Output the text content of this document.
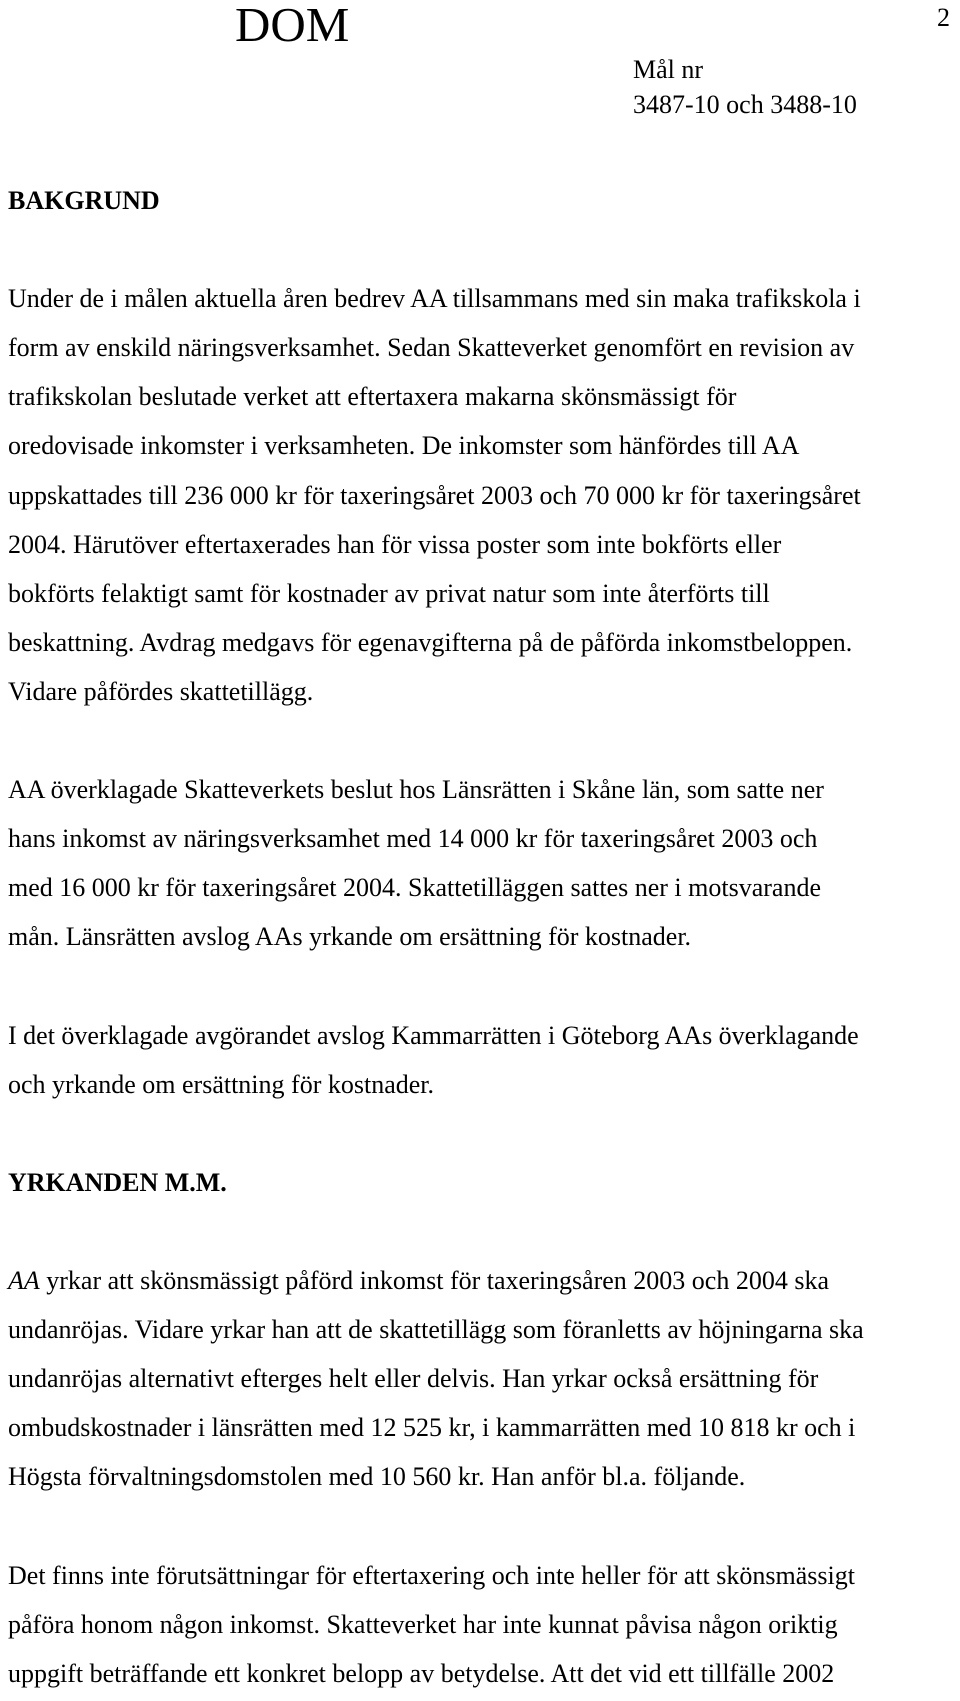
DOM	2
Mål nr
3487-10 och 3488-10
BAKGRUND
Under de i målen aktuella åren bedrev AA tillsammans med sin maka trafikskola i
form av enskild näringsverksamhet. Sedan Skatteverket genomfört en revision av
trafikskolan beslutade verket att eftertaxera makarna skönsmässigt för
oredovisade inkomster i verksamheten. De inkomster som hänfördes till AA
uppskattades till 236 000 kr för taxeringsåret 2003 och 70 000 kr för taxeringsåret
2004. Härutöver eftertaxerades han för vissa poster som inte bokförts eller
bokförts felaktigt samt för kostnader av privat natur som inte återförts till
beskattning. Avdrag medgavs för egenavgifterna på de påförda inkomstbeloppen.
Vidare påfördes skattetillägg.
AA överklagade Skatteverkets beslut hos Länsrätten i Skåne län, som satte ner
hans inkomst av näringsverksamhet med 14 000 kr för taxeringsåret 2003 och
med 16 000 kr för taxeringsåret 2004. Skattetilläggen sattes ner i motsvarande
mån. Länsrätten avslog AAs yrkande om ersättning för kostnader.
I det överklagade avgörandet avslog Kammarrätten i Göteborg AAs överklagande
och yrkande om ersättning för kostnader.
YRKANDEN M.M.
AA yrkar att skönsmässigt påförd inkomst för taxeringsåren 2003 och 2004 ska
undanröjas. Vidare yrkar han att de skattetillägg som föranletts av höjningarna ska
undanröjas alternativt efterges helt eller delvis. Han yrkar också ersättning för
ombudskostnader i länsrätten med 12 525 kr, i kammarrätten med 10 818 kr och i
Högsta förvaltningsdomstolen med 10 560 kr. Han anför bl.a. följande.
Det finns inte förutsättningar för eftertaxering och inte heller för att skönsmässigt
påföra honom någon inkomst. Skatteverket har inte kunnat påvisa någon oriktig
uppgift beträffande ett konkret belopp av betydelse. Att det vid ett tillfälle 2002
